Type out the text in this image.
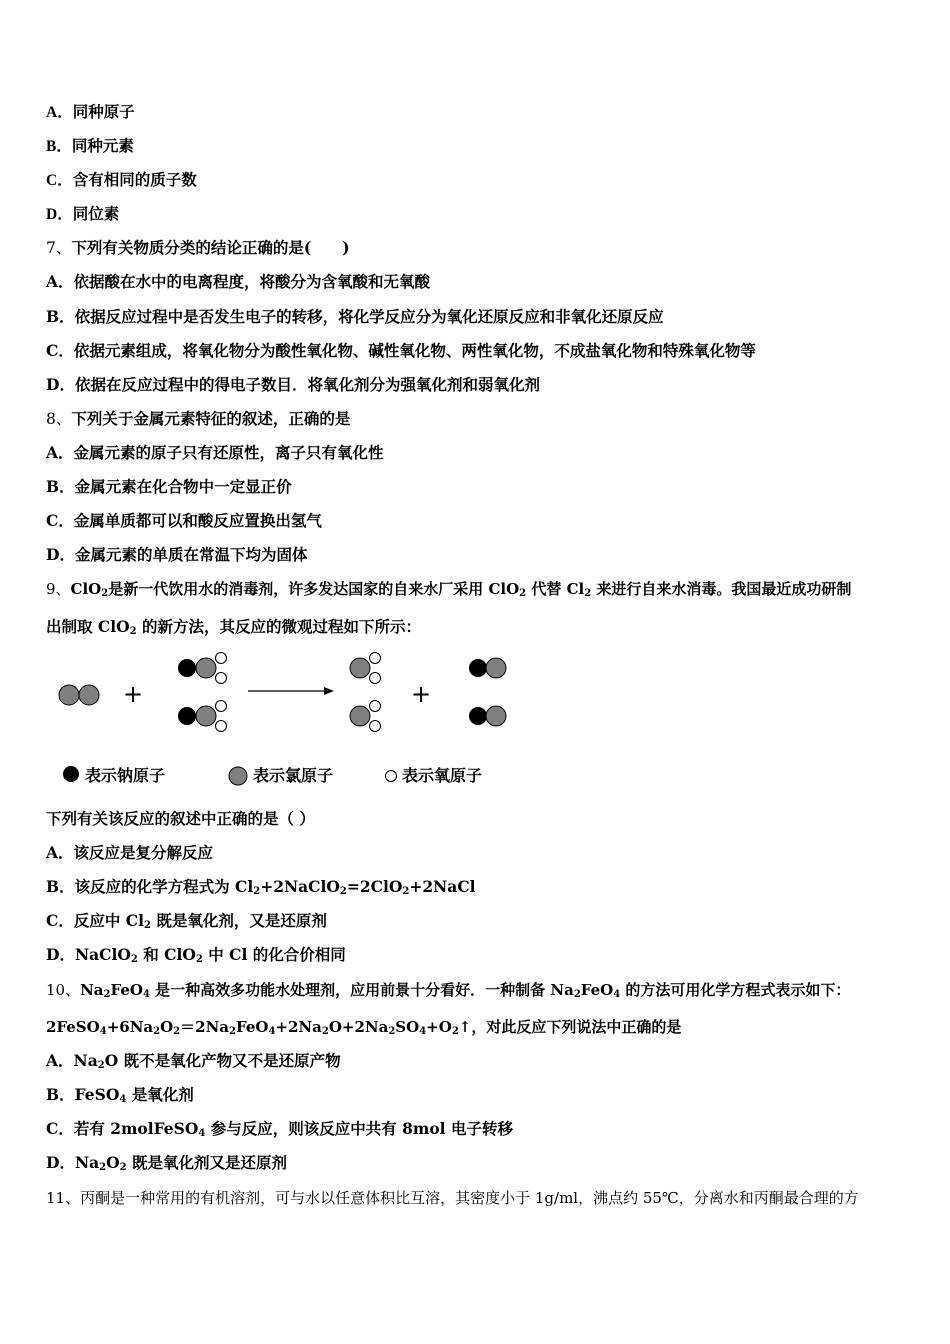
A．同种原子
B．同种元素
C．含有相同的质子数
D．同位素
7、下列有关物质分类的结论正确的是(　　)
A．依据酸在水中的电离程度，将酸分为含氧酸和无氧酸
B．依据反应过程中是否发生电子的转移，将化学反应分为氧化还原反应和非氧化还原反应
C．依据元素组成，将氧化物分为酸性氧化物、碱性氧化物、两性氧化物，不成盐氧化物和特殊氧化物等
D．依据在反应过程中的得电子数目．将氧化剂分为强氧化剂和弱氧化剂
8、下列关于金属元素特征的叙述，正确的是
A．金属元素的原子只有还原性，离子只有氧化性
B．金属元素在化合物中一定显正价
C．金属单质都可以和酸反应置换出氢气
D．金属元素的单质在常温下均为固体
9、ClO$_2$是新一代饮用水的消毒剂，许多发达国家的自来水厂采用 ClO$_2$ 代替 $Cl_2$ 来进行自来水消毒。我国最近成功研制
出制取 ClO$_2$ 的新方法，其反应的微观过程如下所示：
+	+
表示钠原子	表示氯原子	表示氧原子
下列有关该反应的叙述中正确的是（ ）
A．该反应是复分解反应
B．该反应的化学方程式为 $Cl_2+2NaClO_2=2ClO_2+2NaCl$
C．反应中 $Cl_2$ 既是氧化剂，又是还原剂
D．NaClO$_2$ 和 ClO$_2$ 中 Cl 的化合价相同
10、$Na_2FeO_4$ 是一种高效多功能水处理剂，应用前景十分看好．一种制备 $Na_2FeO_4$ 的方法可用化学方程式表示如下：
$2FeSO_4+6Na_2O_2=2Na_2FeO_4+2Na_2O+2Na_2SO_4+O_2↑$，对此反应下列说法中正确的是
A．$Na_2O$ 既不是氧化产物又不是还原产物
B．FeSO$_4$ 是氧化剂
C．若有 2molFeSO$_4$ 参与反应，则该反应中共有 8mol 电子转移
D．$Na_2O_2$ 既是氧化剂又是还原剂
11、丙酮是一种常用的有机溶剂，可与水以任意体积比互溶，其密度小于 1g/ml，沸点约 55℃，分离水和丙酮最合理的方
